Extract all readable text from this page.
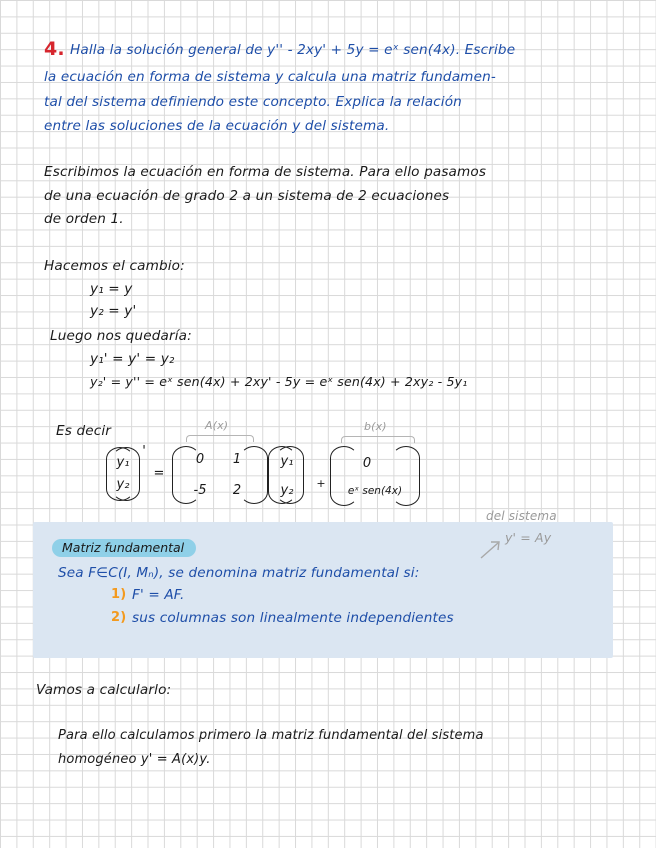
4. Halla la solución general de y'' - 2xy' + 5y = eˣ sen(4x). Escribe
la ecuación en forma de sistema y calcula una matriz fundamen-
tal del sistema definiendo este concepto. Explica la relación
entre las soluciones de la ecuación y del sistema.
Escribimos la ecuación en forma de sistema. Para ello pasamos
de una ecuación de grado 2 a un sistema de 2 ecuaciones
de orden 1.
Hacemos el cambio:
y₁ = y
y₂ = y'
Luego nos quedaría:
y₁' = y' = y₂
y₂' = y'' = eˣ sen(4x) + 2xy' - 5y = eˣ sen(4x) + 2xy₂ - 5y₁
Es decir	A(x)	b(x)
y₁
y₂
'
=
0	1
-5	2
y₁
y₂	+
0
eˣ sen(4x)
Matriz fundamental
del sistema
y' = Ay
Sea F∈C(I, Mₙ), se denomina matriz fundamental si:
1) F' = AF.
2) sus columnas son linealmente independientes
Vamos a calcularlo:
Para ello calculamos primero la matriz fundamental del sistema
homogéneo y' = A(x)y.
